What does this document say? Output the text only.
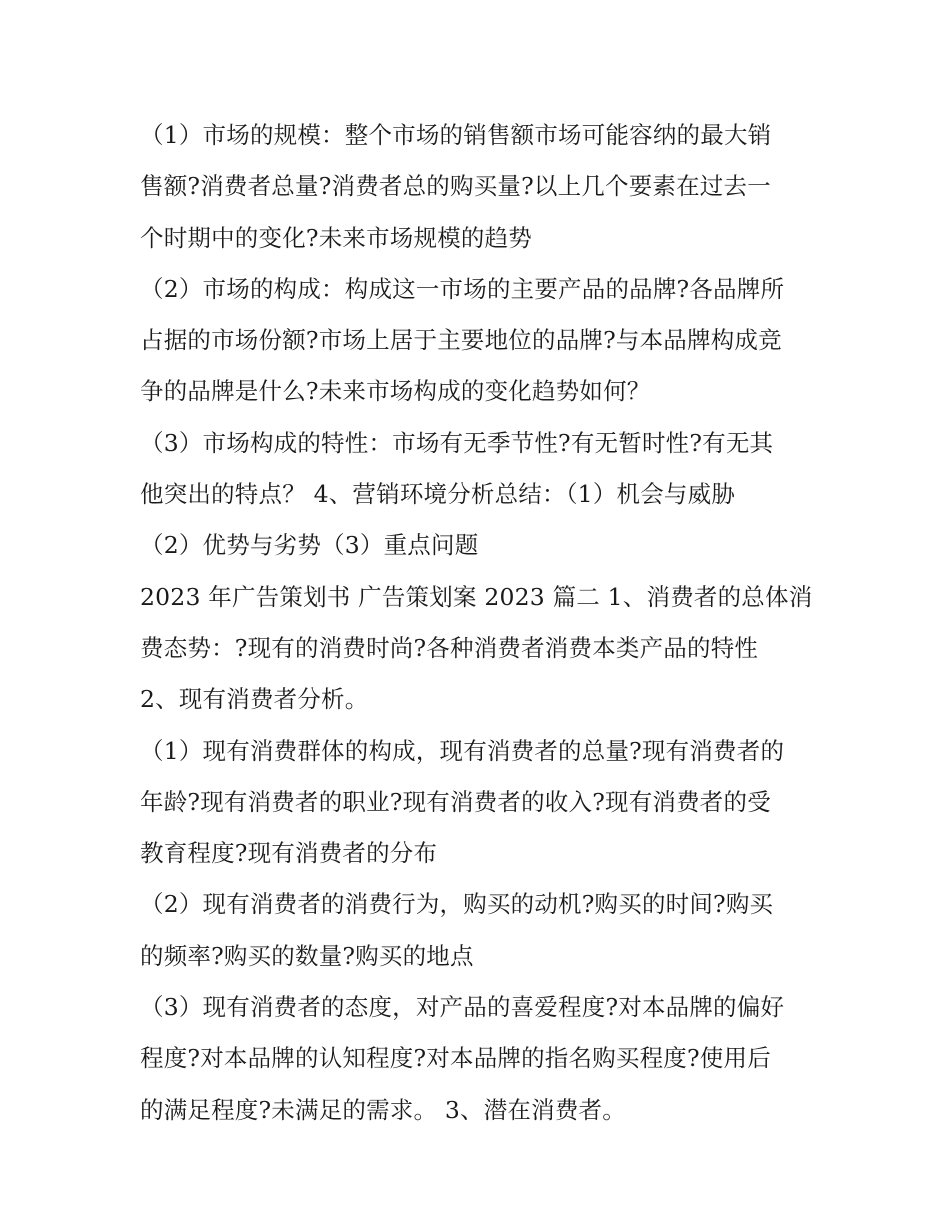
（1）市场的规模：整个市场的销售额市场可能容纳的最大销
售额?消费者总量?消费者总的购买量?以上几个要素在过去一
个时期中的变化?未来市场规模的趋势
（2）市场的构成：构成这一市场的主要产品的品牌?各品牌所
占据的市场份额?市场上居于主要地位的品牌?与本品牌构成竞
争的品牌是什么?未来市场构成的变化趋势如何？
（3）市场构成的特性：市场有无季节性?有无暂时性?有无其
他突出的特点？ 4、营销环境分析总结：（1）机会与威胁
（2）优势与劣势（3）重点问题
2023 年广告策划书 广告策划案 2023 篇二 1、消费者的总体消
费态势：?现有的消费时尚?各种消费者消费本类产品的特性
2、现有消费者分析。
（1）现有消费群体的构成，现有消费者的总量?现有消费者的
年龄?现有消费者的职业?现有消费者的收入?现有消费者的受
教育程度?现有消费者的分布
（2）现有消费者的消费行为，购买的动机?购买的时间?购买
的频率?购买的数量?购买的地点
（3）现有消费者的态度，对产品的喜爱程度?对本品牌的偏好
程度?对本品牌的认知程度?对本品牌的指名购买程度?使用后
的满足程度?未满足的需求。 3、潜在消费者。
